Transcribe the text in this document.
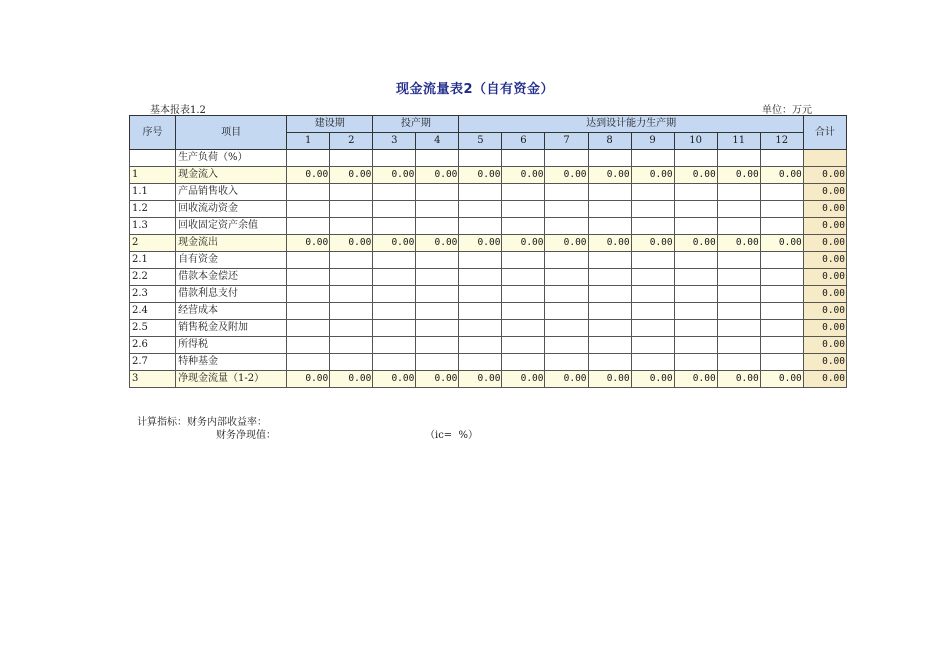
现金流量表2（自有资金）
基本报表1.2	单位：万元
序号	项目	建设期		投产期		达到设计能力生产期								合计
		1	2	3	4	5	6	7	8	9	10	11	12	
	生产负荷（%）													
1	现金流入	0.00	0.00	0.00	0.00	0.00	0.00	0.00	0.00	0.00	0.00	0.00	0.00	0.00
1.1	产品销售收入													0.00
1.2	回收流动资金													0.00
1.3	回收固定资产余值													0.00
2	现金流出	0.00	0.00	0.00	0.00	0.00	0.00	0.00	0.00	0.00	0.00	0.00	0.00	0.00
2.1	自有资金													0.00
2.2	借款本金偿还													0.00
2.3	借款利息支付													0.00
2.4	经营成本													0.00
2.5	销售税金及附加													0.00
2.6	所得税													0.00
2.7	特种基金													0.00
3	净现金流量（1-2）	0.00	0.00	0.00	0.00	0.00	0.00	0.00	0.00	0.00	0.00	0.00	0.00	0.00
计算指标：财务内部收益率：
财务净现值：	（ic=  %）
